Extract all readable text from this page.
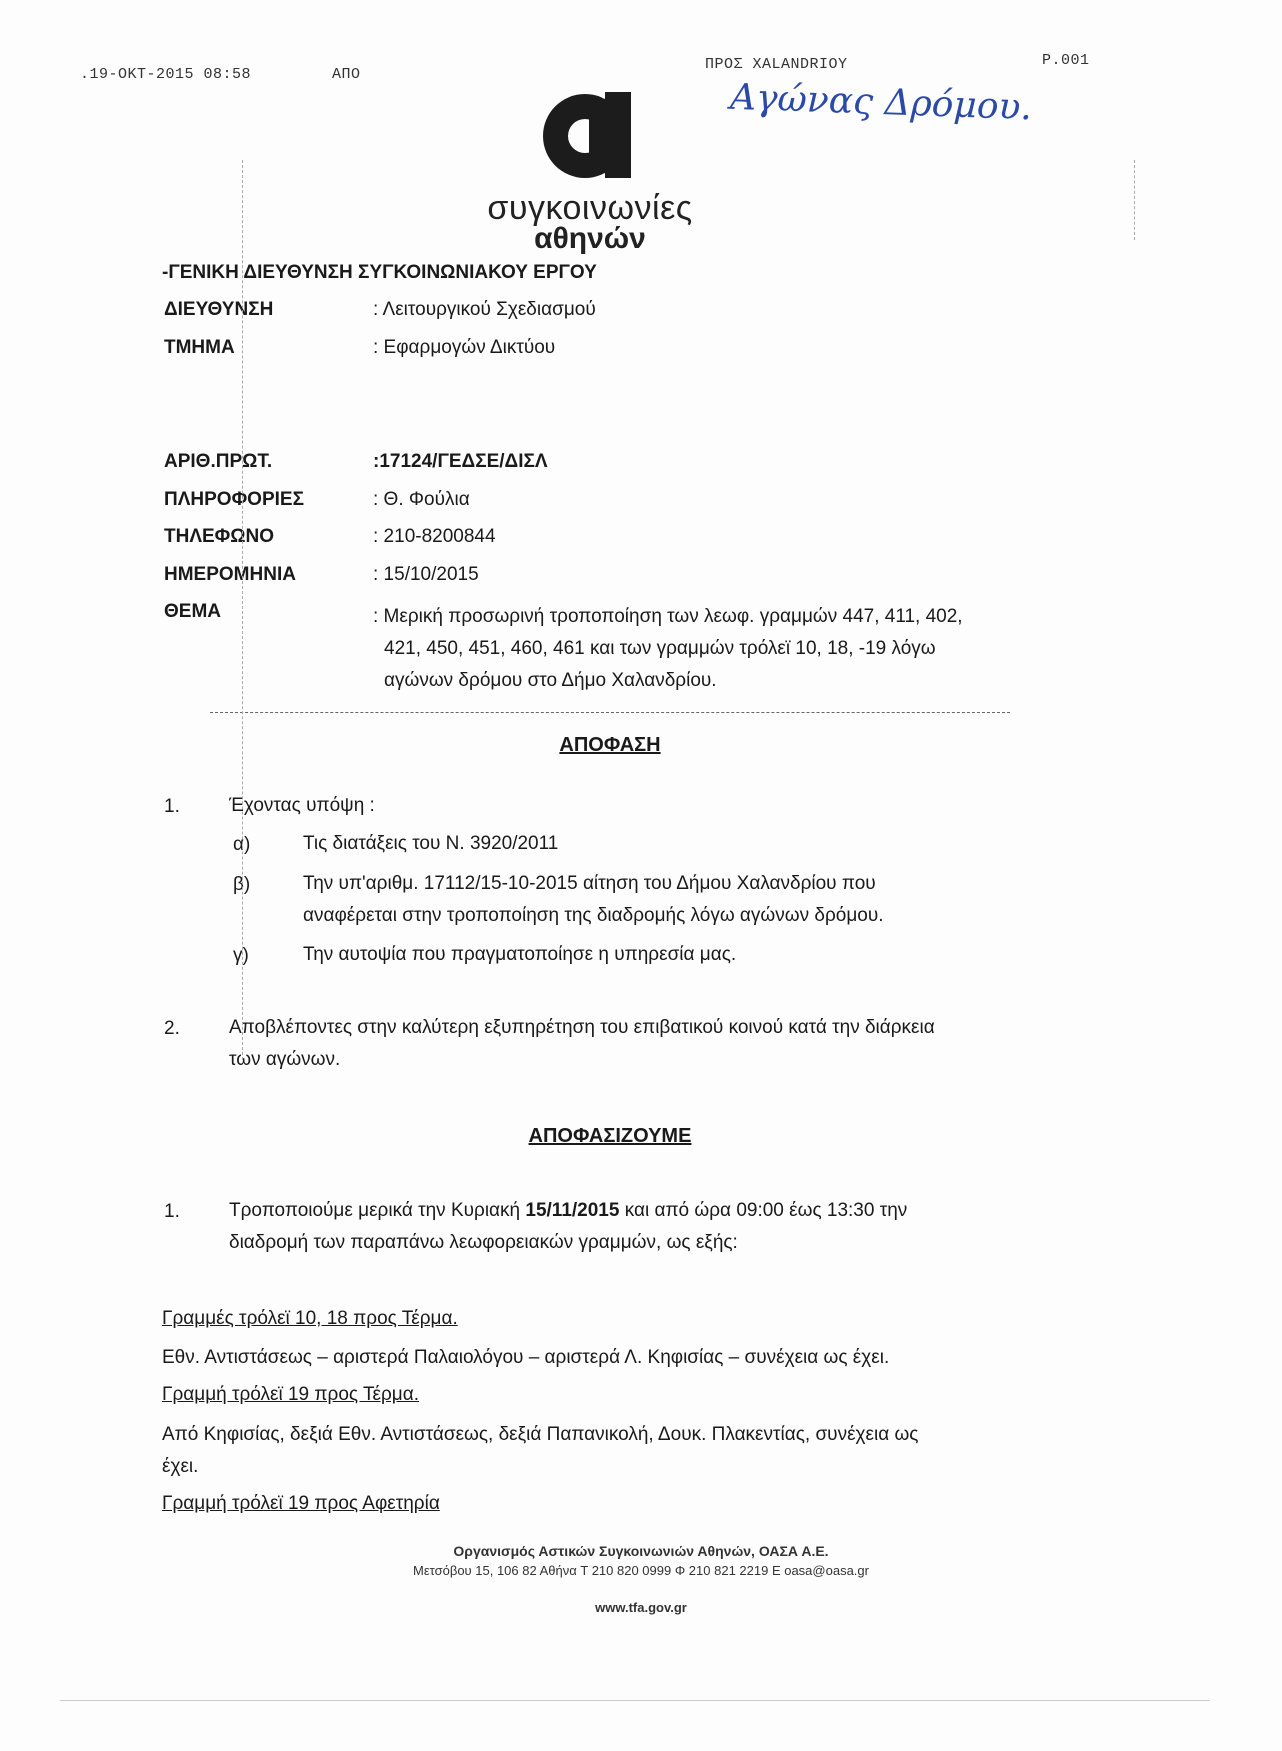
.19-OKT-2015 08:58	ΑΠΟ
ΠΡΟΣ XALANDRIOY	P.001
Αγώνας Δρόμου.
συγκοινωνίες
αθηνών
-ΓΕΝΙΚΗ ΔΙΕΥΘΥΝΣΗ ΣΥΓΚΟΙΝΩΝΙΑΚΟΥ ΕΡΓΟΥ
ΔΙΕΥΘΥΝΣΗ	: Λειτουργικού Σχεδιασμού
ΤΜΗΜΑ	: Εφαρμογών Δικτύου
ΑΡΙΘ.ΠΡΩΤ.	:17124/ΓΕΔΣΕ/ΔΙΣΛ
ΠΛΗΡΟΦΟΡΙΕΣ	: Θ. Φούλια
ΤΗΛΕΦΩΝΟ	: 210-8200844
ΗΜΕΡΟΜΗΝΙΑ	: 15/10/2015
ΘΕΜΑ	: Μερική προσωρινή τροποποίηση των λεωφ. γραμμών 447, 411, 402,

421, 450, 451, 460, 461 και των γραμμών τρόλεϊ 10, 18, -19 λόγω
αγώνων δρόμου στο Δήμο Χαλανδρίου.
ΑΠΟΦΑΣΗ
1.	Έχοντας υπόψη :
α)	Τις διατάξεις του Ν. 3920/2011
β)	Την υπ'αριθμ. 17112/15-10-2015 αίτηση του Δήμου Χαλανδρίου που
αναφέρεται στην τροποποίηση της διαδρομής λόγω αγώνων δρόμου.
γ)	Την αυτοψία που πραγματοποίησε η υπηρεσία μας.
2.	Αποβλέποντες στην καλύτερη εξυπηρέτηση του επιβατικού κοινού κατά την διάρκεια
των αγώνων.
ΑΠΟΦΑΣΙΖΟΥΜΕ
1.	Τροποποιούμε μερικά την Κυριακή 15/11/2015 και από ώρα 09:00 έως 13:30 την
διαδρομή των παραπάνω λεωφορειακών γραμμών, ως εξής:
Γραμμές τρόλεϊ 10, 18 προς Τέρμα.
Εθν. Αντιστάσεως – αριστερά Παλαιολόγου – αριστερά Λ. Κηφισίας – συνέχεια ως έχει.
Γραμμή τρόλεϊ 19 προς Τέρμα.
Από Κηφισίας, δεξιά Εθν. Αντιστάσεως, δεξιά Παπανικολή, Δουκ. Πλακεντίας, συνέχεια ως
έχει.
Γραμμή τρόλεϊ 19 προς Αφετηρία
Οργανισμός Αστικών Συγκοινωνιών Αθηνών, ΟΑΣΑ Α.Ε.
Μετσόβου 15, 106 82 Αθήνα T 210 820 0999 Φ 210 821 2219 E oasa@oasa.gr
www.tfa.gov.gr
